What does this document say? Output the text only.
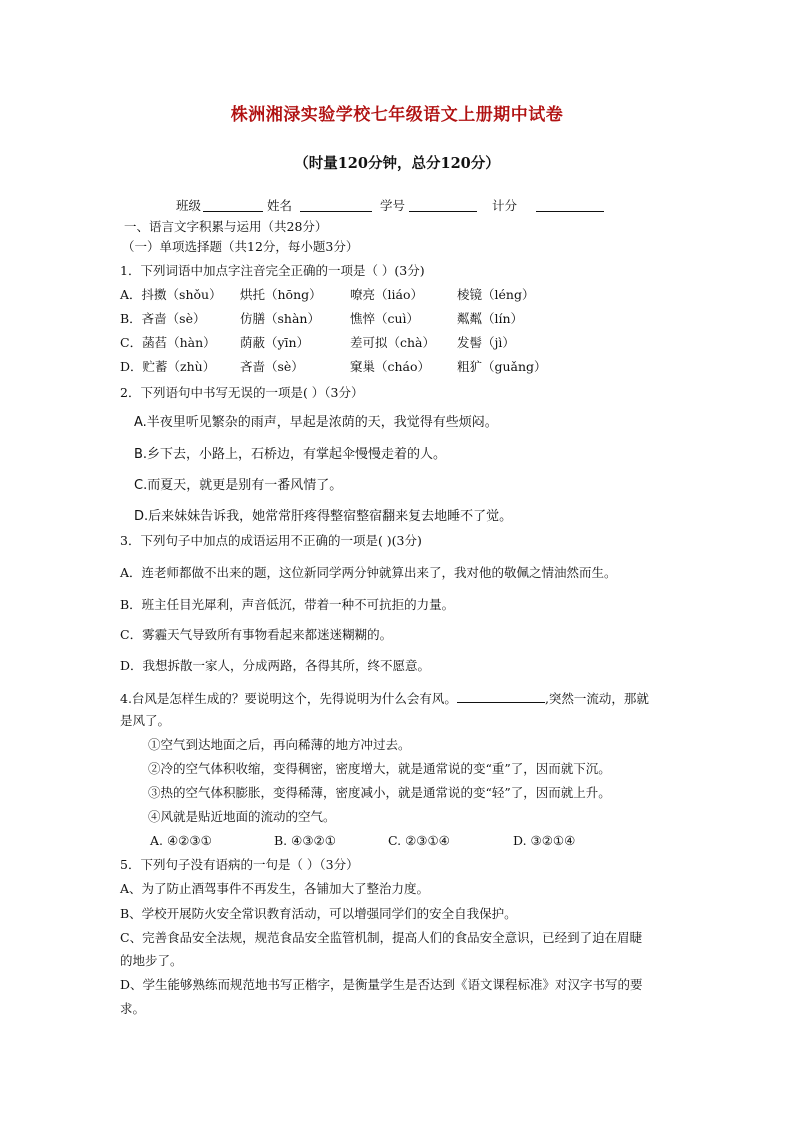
株洲湘渌实验学校七年级语文上册期中试卷
（时量120分钟，总分120分）
班级	姓名	学号	计分
一、语言文字积累与运用（共28分）
（一）单项选择题（共12分，每小题3分）
1．下列词语中加点字注音完全正确的一项是（ ）(3分)
A．抖擞（shǒu） 烘托（hōng） 嘹亮（liáo）	棱镜（léng）
B．吝啬（sè）	仿膳（shàn） 憔悴（cuì）	粼粼（lín）
C．菡萏（hàn） 荫蔽（yīn）	差可拟（chà） 发髻（jì）
D．贮蓄（zhù） 吝啬（sè）	窠巢（cháo） 粗犷（guǎng）
2．下列语句中书写无误的一项是( ）（3分）
A.半夜里听见繁杂的雨声，早起是浓荫的天，我觉得有些烦闷。
B.乡下去，小路上，石桥边，有掌起伞慢慢走着的人。
C.而夏天，就更是别有一番风情了。
D.后来妹妹告诉我，她常常肝疼得整宿整宿翻来复去地睡不了觉。
3．下列句子中加点的成语运用不正确的一项是( )(3分)
A．连老师都做不出来的题，这位新同学两分钟就算出来了，我对他的敬佩之情油然而生。
B．班主任目光犀利，声音低沉，带着一种不可抗拒的力量。
C．雾霾天气导致所有事物看起来都迷迷糊糊的。
D．我想拆散一家人，分成两路，各得其所，终不愿意。
4.台风是怎样生成的？要说明这个，先得说明为什么会有风。	,突然一流动，那就
是风了。
①空气到达地面之后，再向稀薄的地方冲过去。
②冷的空气体积收缩，变得稠密，密度增大，就是通常说的变“重”了，因而就下沉。
③热的空气体积膨胀，变得稀薄，密度减小，就是通常说的变“轻”了，因而就上升。
④风就是贴近地面的流动的空气。
A. ④②③①	B. ④③②①	C. ②③①④	D. ③②①④
5．下列句子没有语病的一句是（ ）（3分）
A、为了防止酒驾事件不再发生，各铺加大了整治力度。
B、学校开展防火安全常识教育活动，可以增强同学们的安全自我保护。
C、完善食品安全法规，规范食品安全监管机制，提高人们的食品安全意识，已经到了迫在眉睫
的地步了。
D、学生能够熟练而规范地书写正楷字，是衡量学生是否达到《语文课程标准》对汉字书写的要
求。
